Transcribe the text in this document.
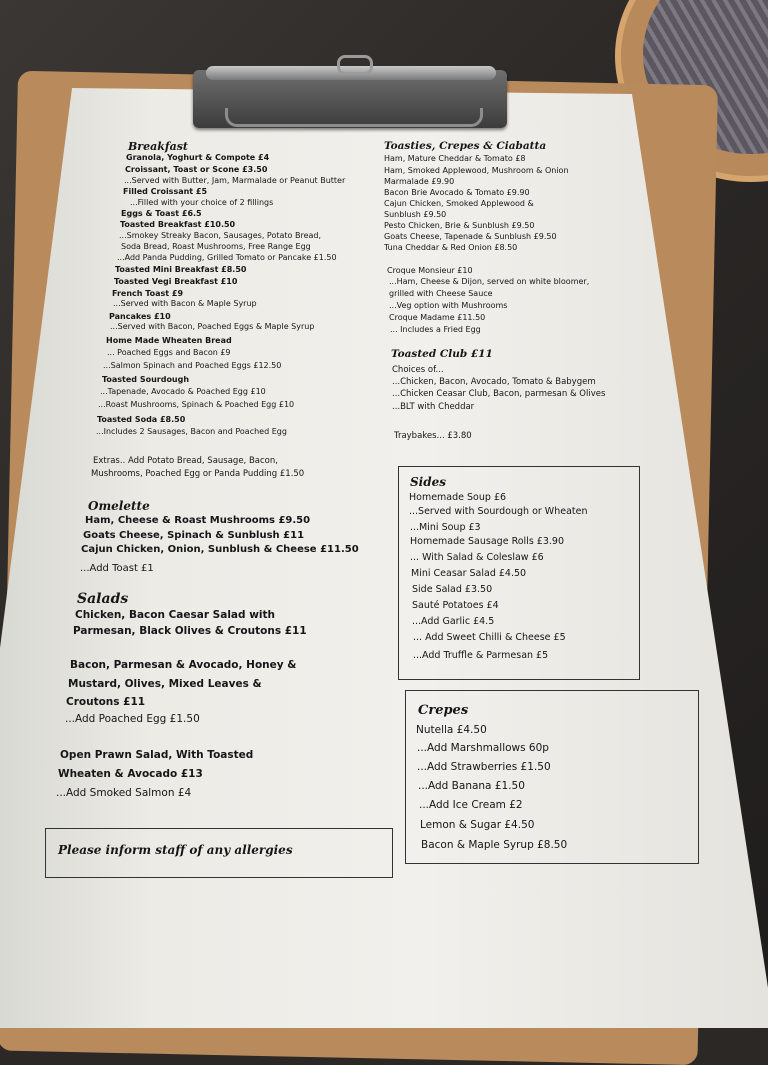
Breakfast
Granola, Yoghurt & Compote £4
Croissant, Toast or Scone £3.50
...Served with Butter, Jam, Marmalade or Peanut Butter
Filled Croissant £5
...Filled with your choice of 2 fillings
Eggs & Toast £6.5
Toasted Breakfast £10.50
...Smokey Streaky Bacon, Sausages, Potato Bread,
Soda Bread, Roast Mushrooms, Free Range Egg
...Add Panda Pudding, Grilled Tomato or Pancake £1.50
Toasted Mini Breakfast £8.50
Toasted Vegi Breakfast £10
French Toast £9
...Served with Bacon & Maple Syrup
Pancakes £10
...Served with Bacon, Poached Eggs & Maple Syrup
Home Made Wheaten Bread
... Poached Eggs and Bacon £9
...Salmon Spinach and Poached Eggs £12.50
Toasted Sourdough
...Tapenade, Avocado & Poached Egg £10
...Roast Mushrooms, Spinach & Poached Egg £10
Toasted Soda £8.50
...Includes 2 Sausages, Bacon and Poached Egg
Extras.. Add Potato Bread, Sausage, Bacon,
Mushrooms, Poached Egg or Panda Pudding £1.50
Omelette
Ham, Cheese & Roast Mushrooms £9.50
Goats Cheese, Spinach & Sunblush £11
Cajun Chicken, Onion, Sunblush & Cheese £11.50
...Add Toast £1
Salads
Chicken, Bacon Caesar Salad with
Parmesan, Black Olives & Croutons £11
Bacon, Parmesan & Avocado, Honey &
Mustard, Olives, Mixed Leaves &
Croutons £11
...Add Poached Egg £1.50
Open Prawn Salad, With Toasted
Wheaten & Avocado £13
...Add Smoked Salmon £4
Please inform staff of any allergies
Toasties, Crepes & Ciabatta
Ham, Mature Cheddar & Tomato £8
Ham, Smoked Applewood, Mushroom & Onion
Marmalade £9.90
Bacon Brie Avocado & Tomato £9.90
Cajun Chicken, Smoked Applewood &
Sunblush £9.50
Pesto Chicken, Brie & Sunblush £9.50
Goats Cheese, Tapenade & Sunblush £9.50
Tuna Cheddar & Red Onion £8.50
Croque Monsieur £10
...Ham, Cheese & Dijon, served on white bloomer,
grilled with Cheese Sauce
...Veg option with Mushrooms
Croque Madame £11.50
... Includes a Fried Egg
Toasted Club £11
Choices of...
...Chicken, Bacon, Avocado, Tomato & Babygem
...Chicken Ceasar Club, Bacon, parmesan & Olives
...BLT with Cheddar
Traybakes... £3.80
Sides
Homemade Soup £6
...Served with Sourdough or Wheaten
...Mini Soup £3
Homemade Sausage Rolls £3.90
... With Salad & Coleslaw £6
Mini Ceasar Salad £4.50
Side Salad £3.50
Sauté Potatoes £4
...Add Garlic £4.5
... Add Sweet Chilli & Cheese £5
...Add Truffle & Parmesan £5
Crepes
Nutella £4.50
...Add Marshmallows 60p
...Add Strawberries £1.50
...Add Banana £1.50
...Add Ice Cream £2
Lemon & Sugar £4.50
Bacon & Maple Syrup £8.50
